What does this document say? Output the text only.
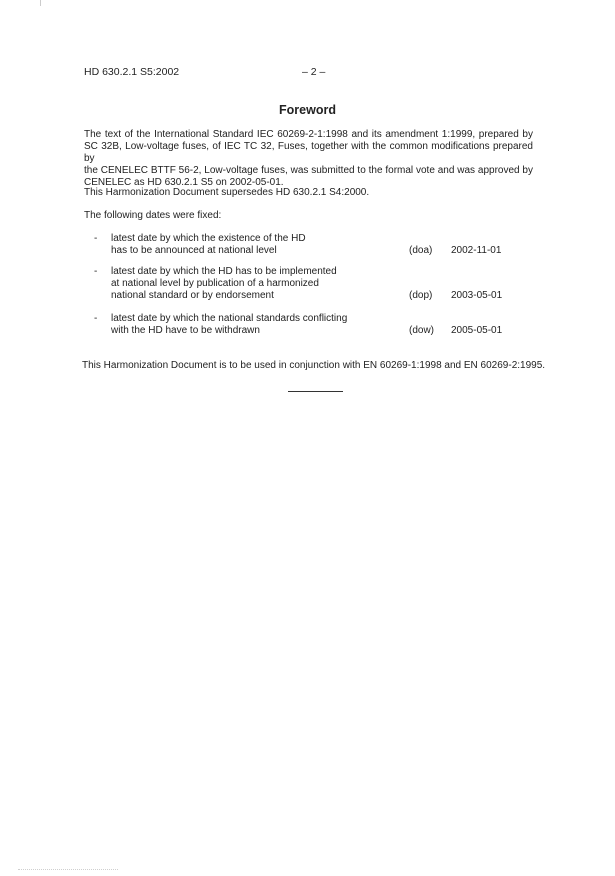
HD 630.2.1 S5:2002	– 2 –
Foreword
The text of the International Standard IEC 60269-2-1:1998 and its amendment 1:1999, prepared by
SC 32B, Low-voltage fuses, of IEC TC 32, Fuses, together with the common modifications prepared by
the CENELEC BTTF 56-2, Low-voltage fuses, was submitted to the formal vote and was approved by
CENELEC as HD 630.2.1 S5 on 2002-05-01.
This Harmonization Document supersedes HD 630.2.1 S4:2000.
The following dates were fixed:
- latest date by which the existence of the HD
has to be announced at national level	(doa) 2002-11-01
- latest date by which the HD has to be implemented
at national level by publication of a harmonized
national standard or by endorsement	(dop) 2003-05-01
- latest date by which the national standards conflicting
with the HD have to be withdrawn	(dow) 2005-05-01
This Harmonization Document is to be used in conjunction with EN 60269-1:1998 and EN 60269-2:1995.
